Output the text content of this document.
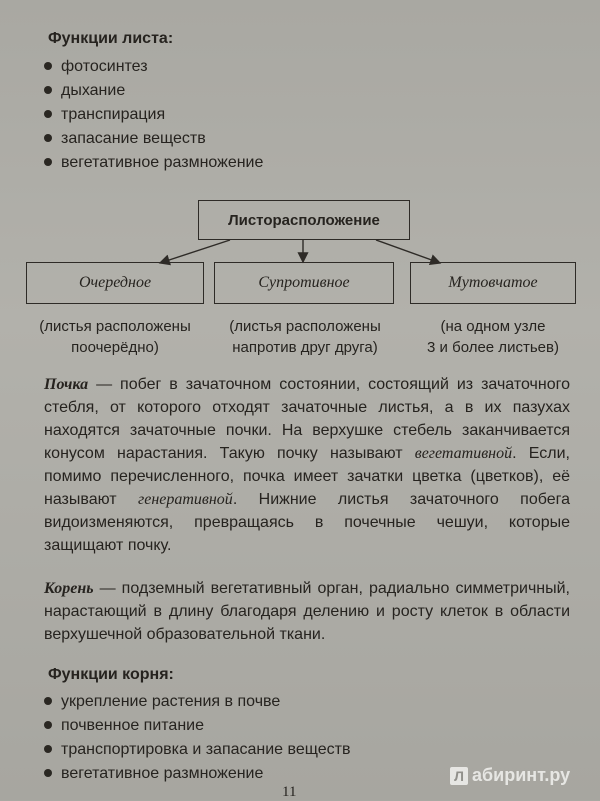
Функции листа:
фотосинтез
дыхание
транспирация
запасание веществ
вегетативное размножение
Листорасположение
Очередное	Супротивное	Мутовчатое
(листья расположены
поочерёдно)
(листья расположены
напротив друг друга)
(на одном узле
3 и более листьев)

Почка — побег в зачаточном состоянии, состоящий из зачаточного стебля, от которого отходят зачаточные листья, а в их пазухах находятся зачаточные почки. На верхушке стебель заканчивается конусом нарастания. Такую почку называют вегетативной. Если, помимо перечисленного, почка имеет зачатки цветка (цветков), её называют генеративной. Нижние листья зачаточного побега видоизменяются, превращаясь в почечные чешуи, которые защищают почку.

Корень — подземный вегетативный орган, радиально симметричный, нарастающий в длину благодаря делению и росту клеток в области верхушечной образовательной ткани.

Функции корня:
укрепление растения в почве
почвенное питание
транспортировка и запасание веществ
вегетативное размножение
11
Л абиринт.ру
